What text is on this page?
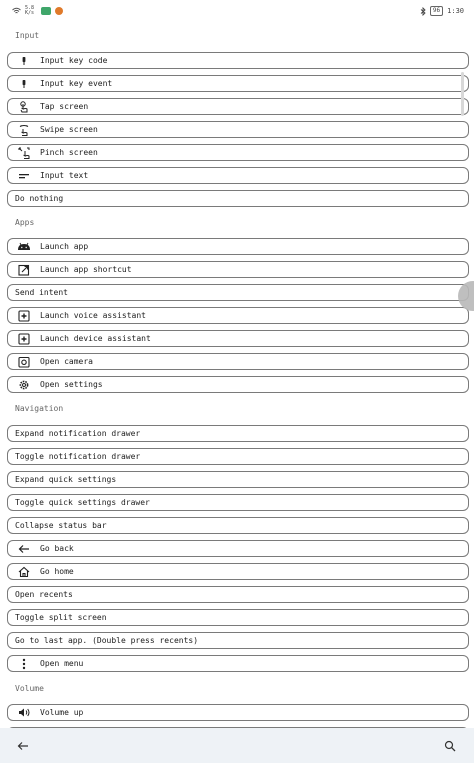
5.8 K/s	96	1:30
Input
Input key code
Input key event
Tap screen
Swipe screen
Pinch screen
Input text
Do nothing
Apps
Launch app
Launch app shortcut
Send intent
Launch voice assistant
Launch device assistant
Open camera
Open settings
Navigation
Expand notification drawer
Toggle notification drawer
Expand quick settings
Toggle quick settings drawer
Collapse status bar
Go back
Go home
Open recents
Toggle split screen
Go to last app. (Double press recents)
Open menu
Volume
Volume up
